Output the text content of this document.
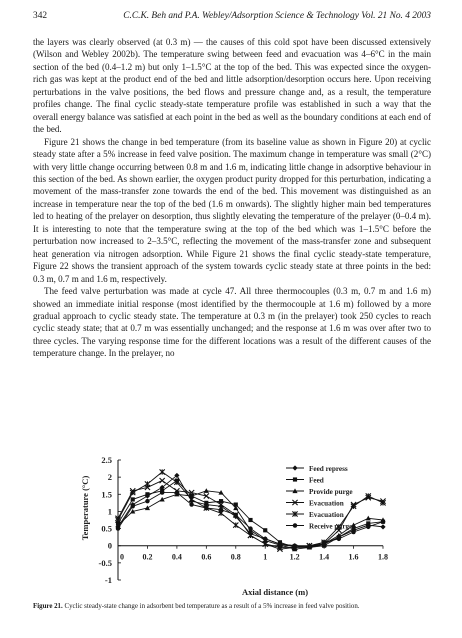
342	C.C.K. Beh and P.A. Webley/Adsorption Science & Technology Vol. 21 No. 4 2003

the layers was clearly observed (at 0.3 m) — the causes of this cold spot have been discussed extensively (Wilson and Webley 2002b). The temperature swing between feed and evacuation was 4–6°C in the main section of the bed (0.4–1.2 m) but only 1–1.5°C at the top of the bed. This was expected since the oxygen-rich gas was kept at the product end of the bed and little adsorption/desorption occurs here. Upon receiving perturbations in the valve positions, the bed flows and pressure change and, as a result, the temperature profiles change. The final cyclic steady-state temperature profile was established in such a way that the overall energy balance was satisfied at each point in the bed as well as the boundary conditions at each end of the bed.

Figure 21 shows the change in bed temperature (from its baseline value as shown in Figure 20) at cyclic steady state after a 5% increase in feed valve position. The maximum change in temperature was small (2°C) with very little change occurring between 0.8 m and 1.6 m, indicating little change in adsorptive behaviour in this section of the bed. As shown earlier, the oxygen product purity dropped for this perturbation, indicating a movement of the mass-transfer zone towards the end of the bed. This movement was distinguished as an increase in temperature near the top of the bed (1.6 m onwards). The slightly higher main bed temperatures led to heating of the prelayer on desorption, thus slightly elevating the temperature of the prelayer (0–0.4 m). It is interesting to note that the temperature swing at the top of the bed which was 1–1.5°C before the perturbation now increased to 2–3.5°C, reflecting the movement of the mass-transfer zone and subsequent heat generation via nitrogen adsorption. While Figure 21 shows the final cyclic steady-state temperature, Figure 22 shows the transient approach of the system towards cyclic steady state at three points in the bed: 0.3 m, 0.7 m and 1.6 m, respectively.

The feed valve perturbation was made at cycle 47. All three thermocouples (0.3 m, 0.7 m and 1.6 m) showed an immediate initial response (most identified by the thermocouple at 1.6 m) followed by a more gradual approach to cyclic steady state. The temperature at 0.3 m (in the prelayer) took 250 cycles to reach cyclic steady state; that at 0.7 m was essentially unchanged; and the response at 1.6 m was over after two to three cycles. The varying response time for the different locations was a result of the different causes of the temperature change. In the prelayer, no

Temperature (°C)
Axial distance (m)
-1
-0.5
0
0.5
1
1.5
2
2.5
0 0.2 0.4 0.6 0.8	1	1.2 1.4 1.6 1.8
Feed repress
Feed
Provide purge
Evacuation
Evacuation
Receive purge
Figure 21. Cyclic steady-state change in adsorbent bed temperature as a result of a 5% increase in feed valve position.
